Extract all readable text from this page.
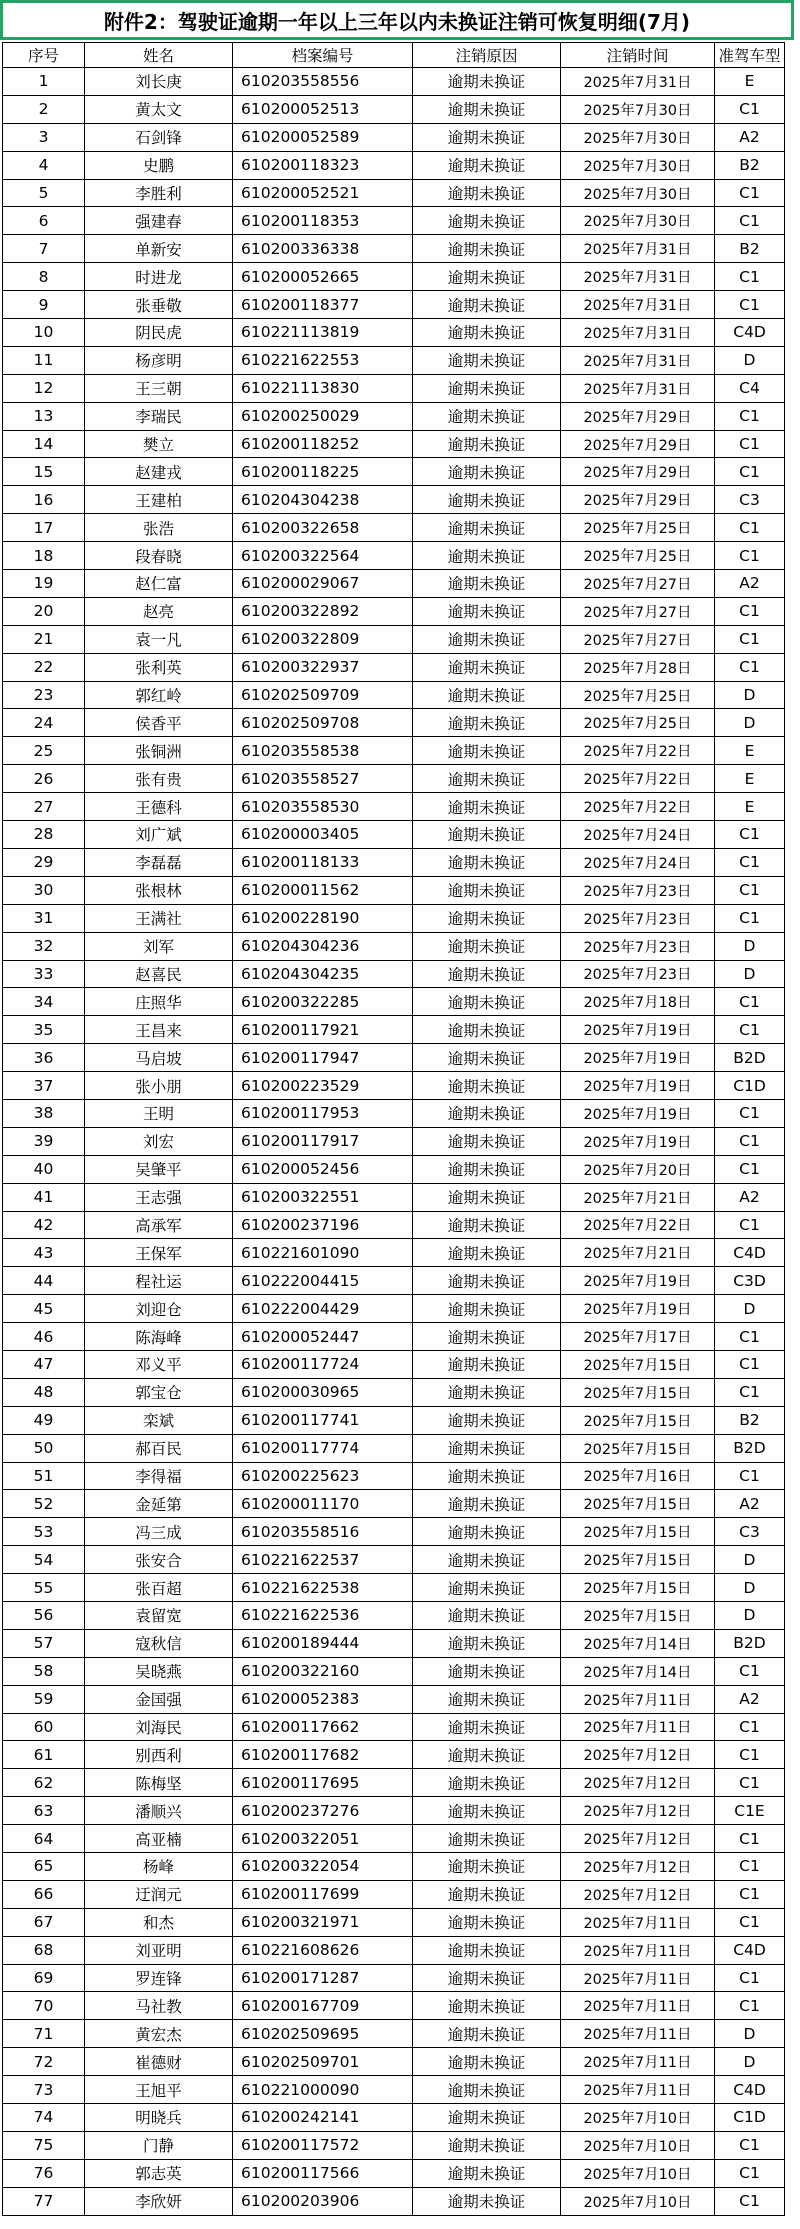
附件2：驾驶证逾期一年以上三年以内未换证注销可恢复明细(7月)
序号	姓名	档案编号	注销原因	注销时间	准驾车型
1	刘长庚	610203558556	逾期未换证	2025年7月31日	E
2	黄太文	610200052513	逾期未换证	2025年7月30日	C1
3	石剑锋	610200052589	逾期未换证	2025年7月30日	A2
4	史鹏	610200118323	逾期未换证	2025年7月30日	B2
5	李胜利	610200052521	逾期未换证	2025年7月30日	C1
6	强建春	610200118353	逾期未换证	2025年7月30日	C1
7	单新安	610200336338	逾期未换证	2025年7月31日	B2
8	时进龙	610200052665	逾期未换证	2025年7月31日	C1
9	张垂敬	610200118377	逾期未换证	2025年7月31日	C1
10	阴民虎	610221113819	逾期未换证	2025年7月31日	C4D
11	杨彦明	610221622553	逾期未换证	2025年7月31日	D
12	王三朝	610221113830	逾期未换证	2025年7月31日	C4
13	李瑞民	610200250029	逾期未换证	2025年7月29日	C1
14	樊立	610200118252	逾期未换证	2025年7月29日	C1
15	赵建戎	610200118225	逾期未换证	2025年7月29日	C1
16	王建柏	610204304238	逾期未换证	2025年7月29日	C3
17	张浩	610200322658	逾期未换证	2025年7月25日	C1
18	段春晓	610200322564	逾期未换证	2025年7月25日	C1
19	赵仁富	610200029067	逾期未换证	2025年7月27日	A2
20	赵亮	610200322892	逾期未换证	2025年7月27日	C1
21	袁一凡	610200322809	逾期未换证	2025年7月27日	C1
22	张利英	610200322937	逾期未换证	2025年7月28日	C1
23	郭红岭	610202509709	逾期未换证	2025年7月25日	D
24	侯香平	610202509708	逾期未换证	2025年7月25日	D
25	张铜洲	610203558538	逾期未换证	2025年7月22日	E
26	张有贵	610203558527	逾期未换证	2025年7月22日	E
27	王德科	610203558530	逾期未换证	2025年7月22日	E
28	刘广斌	610200003405	逾期未换证	2025年7月24日	C1
29	李磊磊	610200118133	逾期未换证	2025年7月24日	C1
30	张根林	610200011562	逾期未换证	2025年7月23日	C1
31	王满社	610200228190	逾期未换证	2025年7月23日	C1
32	刘军	610204304236	逾期未换证	2025年7月23日	D
33	赵喜民	610204304235	逾期未换证	2025年7月23日	D
34	庄照华	610200322285	逾期未换证	2025年7月18日	C1
35	王昌来	610200117921	逾期未换证	2025年7月19日	C1
36	马启坡	610200117947	逾期未换证	2025年7月19日	B2D
37	张小朋	610200223529	逾期未换证	2025年7月19日	C1D
38	王明	610200117953	逾期未换证	2025年7月19日	C1
39	刘宏	610200117917	逾期未换证	2025年7月19日	C1
40	吴肇平	610200052456	逾期未换证	2025年7月20日	C1
41	王志强	610200322551	逾期未换证	2025年7月21日	A2
42	高承军	610200237196	逾期未换证	2025年7月22日	C1
43	王保军	610221601090	逾期未换证	2025年7月21日	C4D
44	程社运	610222004415	逾期未换证	2025年7月19日	C3D
45	刘迎仓	610222004429	逾期未换证	2025年7月19日	D
46	陈海峰	610200052447	逾期未换证	2025年7月17日	C1
47	邓义平	610200117724	逾期未换证	2025年7月15日	C1
48	郭宝仓	610200030965	逾期未换证	2025年7月15日	C1
49	栾斌	610200117741	逾期未换证	2025年7月15日	B2
50	郝百民	610200117774	逾期未换证	2025年7月15日	B2D
51	李得福	610200225623	逾期未换证	2025年7月16日	C1
52	金延第	610200011170	逾期未换证	2025年7月15日	A2
53	冯三成	610203558516	逾期未换证	2025年7月15日	C3
54	张安合	610221622537	逾期未换证	2025年7月15日	D
55	张百超	610221622538	逾期未换证	2025年7月15日	D
56	袁留宽	610221622536	逾期未换证	2025年7月15日	D
57	寇秋信	610200189444	逾期未换证	2025年7月14日	B2D
58	吴晓燕	610200322160	逾期未换证	2025年7月14日	C1
59	金国强	610200052383	逾期未换证	2025年7月11日	A2
60	刘海民	610200117662	逾期未换证	2025年7月11日	C1
61	别西利	610200117682	逾期未换证	2025年7月12日	C1
62	陈梅坚	610200117695	逾期未换证	2025年7月12日	C1
63	潘顺兴	610200237276	逾期未换证	2025年7月12日	C1E
64	高亚楠	610200322051	逾期未换证	2025年7月12日	C1
65	杨峰	610200322054	逾期未换证	2025年7月12日	C1
66	迂润元	610200117699	逾期未换证	2025年7月12日	C1
67	和杰	610200321971	逾期未换证	2025年7月11日	C1
68	刘亚明	610221608626	逾期未换证	2025年7月11日	C4D
69	罗连锋	610200171287	逾期未换证	2025年7月11日	C1
70	马社教	610200167709	逾期未换证	2025年7月11日	C1
71	黄宏杰	610202509695	逾期未换证	2025年7月11日	D
72	崔德财	610202509701	逾期未换证	2025年7月11日	D
73	王旭平	610221000090	逾期未换证	2025年7月11日	C4D
74	明晓兵	610200242141	逾期未换证	2025年7月10日	C1D
75	门静	610200117572	逾期未换证	2025年7月10日	C1
76	郭志英	610200117566	逾期未换证	2025年7月10日	C1
77	李欣妍	610200203906	逾期未换证	2025年7月10日	C1
